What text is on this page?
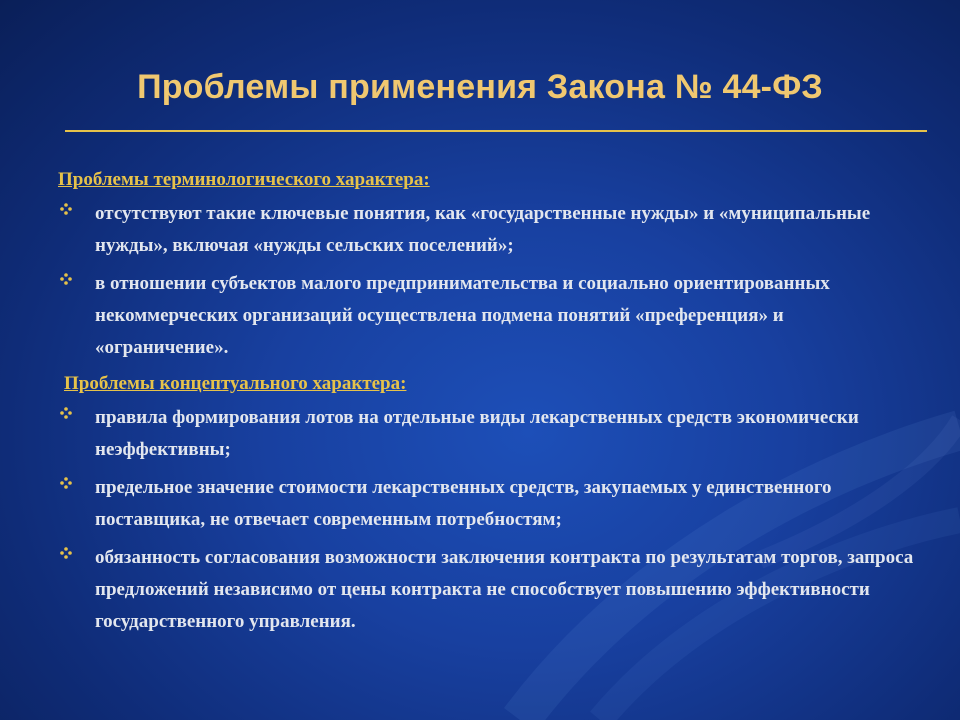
Проблемы применения Закона № 44-ФЗ
Проблемы терминологического характера:
отсутствуют такие ключевые понятия, как «государственные нужды» и «муниципальные нужды», включая «нужды сельских поселений»;
в отношении субъектов малого предпринимательства и социально ориентированных некоммерческих организаций осуществлена подмена понятий «преференция» и «ограничение».
Проблемы концептуального характера:
правила формирования лотов на отдельные виды лекарственных средств экономически неэффективны;
предельное значение стоимости лекарственных средств, закупаемых у единственного поставщика, не отвечает современным потребностям;
обязанность согласования возможности заключения контракта по результатам торгов, запроса предложений независимо от цены контракта не способствует повышению эффективности государственного управления.
